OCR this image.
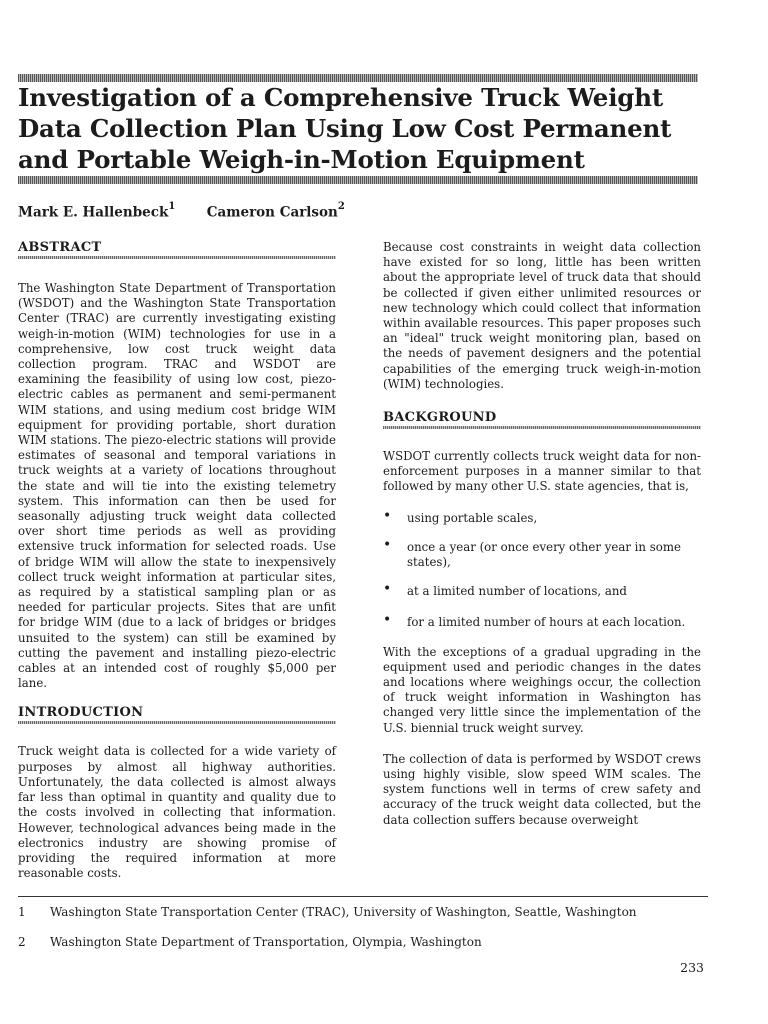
Investigation of a Comprehensive Truck Weight Data Collection Plan Using Low Cost Permanent and Portable Weigh-in-Motion Equipment
Mark E. Hallenbeck$^1$ Cameron Carlson$^2$
ABSTRACT

The Washington State Department of Transportation (WSDOT) and the Washington State Transportation Center (TRAC) are currently investigating existing weigh-in-motion (WIM) technologies for use in a comprehensive, low cost truck weight data collection program. TRAC and WSDOT are examining the feasibility of using low cost, piezo-electric cables as permanent and semi-permanent WIM stations, and using medium cost bridge WIM equipment for providing portable, short duration WIM stations. The piezo-electric stations will provide estimates of seasonal and temporal variations in truck weights at a variety of locations throughout the state and will tie into the existing telemetry system. This information can then be used for seasonally adjusting truck weight data collected over short time periods as well as providing extensive truck information for selected roads. Use of bridge WIM will allow the state to inexpensively collect truck weight information at particular sites, as required by a statistical sampling plan or as needed for particular projects. Sites that are unfit for bridge WIM (due to a lack of bridges or bridges unsuited to the system) can still be examined by cutting the pavement and installing piezo-electric cables at an intended cost of roughly $5,000 per lane.

INTRODUCTION

Truck weight data is collected for a wide variety of purposes by almost all highway authorities. Unfortunately, the data collected is almost always far less than optimal in quantity and quality due to the costs involved in collecting that information. However, technological advances being made in the electronics industry are showing promise of providing the required information at more reasonable costs.

Because cost constraints in weight data collection have existed for so long, little has been written about the appropriate level of truck data that should be collected if given either unlimited resources or new technology which could collect that information within available resources. This paper proposes such an "ideal" truck weight monitoring plan, based on the needs of pavement designers and the potential capabilities of the emerging truck weigh-in-motion (WIM) technologies.

BACKGROUND

WSDOT currently collects truck weight data for non-enforcement purposes in a manner similar to that followed by many other U.S. state agencies, that is,

• using portable scales,
• once a year (or once every other year in some states),
• at a limited number of locations, and
• for a limited number of hours at each location.

With the exceptions of a gradual upgrading in the equipment used and periodic changes in the dates and locations where weighings occur, the collection of truck weight information in Washington has changed very little since the implementation of the U.S. biennial truck weight survey.

The collection of data is performed by WSDOT crews using highly visible, slow speed WIM scales. The system functions well in terms of crew safety and accuracy of the truck weight data collected, but the data collection suffers because overweight

1 Washington State Transportation Center (TRAC), University of Washington, Seattle, Washington
2 Washington State Department of Transportation, Olympia, Washington
233
